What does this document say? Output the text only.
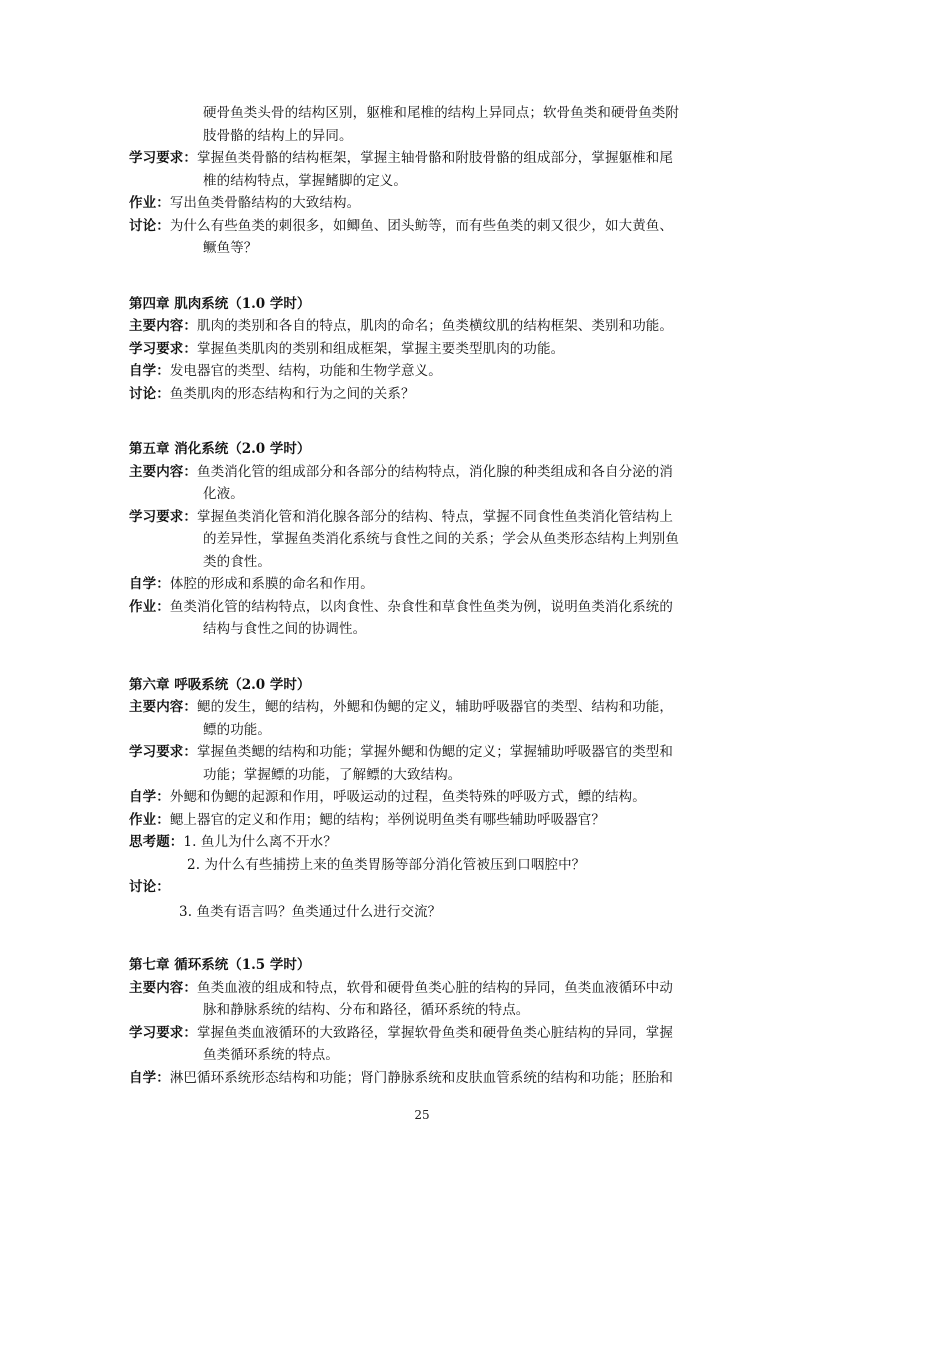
硬骨鱼类头骨的结构区别，躯椎和尾椎的结构上异同点；软骨鱼类和硬骨鱼类附
肢骨骼的结构上的异同。
学习要求：掌握鱼类骨骼的结构框架，掌握主轴骨骼和附肢骨骼的组成部分，掌握躯椎和尾
椎的结构特点，掌握鳍脚的定义。
作业：写出鱼类骨骼结构的大致结构。
讨论：为什么有些鱼类的刺很多，如鲫鱼、团头鲂等，而有些鱼类的刺又很少，如大黄鱼、
鳜鱼等？
第四章 肌肉系统（1.0 学时）
主要内容：肌肉的类别和各自的特点，肌肉的命名；鱼类横纹肌的结构框架、类别和功能。
学习要求：掌握鱼类肌肉的类别和组成框架，掌握主要类型肌肉的功能。
自学：发电器官的类型、结构，功能和生物学意义。
讨论：鱼类肌肉的形态结构和行为之间的关系？
第五章 消化系统（2.0 学时）
主要内容：鱼类消化管的组成部分和各部分的结构特点，消化腺的种类组成和各自分泌的消
化液。
学习要求：掌握鱼类消化管和消化腺各部分的结构、特点，掌握不同食性鱼类消化管结构上
的差异性，掌握鱼类消化系统与食性之间的关系；学会从鱼类形态结构上判别鱼
类的食性。
自学：体腔的形成和系膜的命名和作用。
作业：鱼类消化管的结构特点，以肉食性、杂食性和草食性鱼类为例，说明鱼类消化系统的
结构与食性之间的协调性。
第六章 呼吸系统（2.0 学时）
主要内容：鳃的发生，鳃的结构，外鳃和伪鳃的定义，辅助呼吸器官的类型、结构和功能，
鳔的功能。
学习要求：掌握鱼类鳃的结构和功能；掌握外鳃和伪鳃的定义；掌握辅助呼吸器官的类型和
功能；掌握鳔的功能，了解鳔的大致结构。
自学：外鳃和伪鳃的起源和作用，呼吸运动的过程，鱼类特殊的呼吸方式，鳔的结构。
作业：鳃上器官的定义和作用；鳃的结构；举例说明鱼类有哪些辅助呼吸器官？
思考题：1. 鱼儿为什么离不开水？
2. 为什么有些捕捞上来的鱼类胃肠等部分消化管被压到口咽腔中？
讨论：
3. 鱼类有语言吗？鱼类通过什么进行交流？
第七章 循环系统（1.5 学时）
主要内容：鱼类血液的组成和特点，软骨和硬骨鱼类心脏的结构的异同，鱼类血液循环中动
脉和静脉系统的结构、分布和路径，循环系统的特点。
学习要求：掌握鱼类血液循环的大致路径，掌握软骨鱼类和硬骨鱼类心脏结构的异同，掌握
鱼类循环系统的特点。
自学：淋巴循环系统形态结构和功能；肾门静脉系统和皮肤血管系统的结构和功能；胚胎和
25
